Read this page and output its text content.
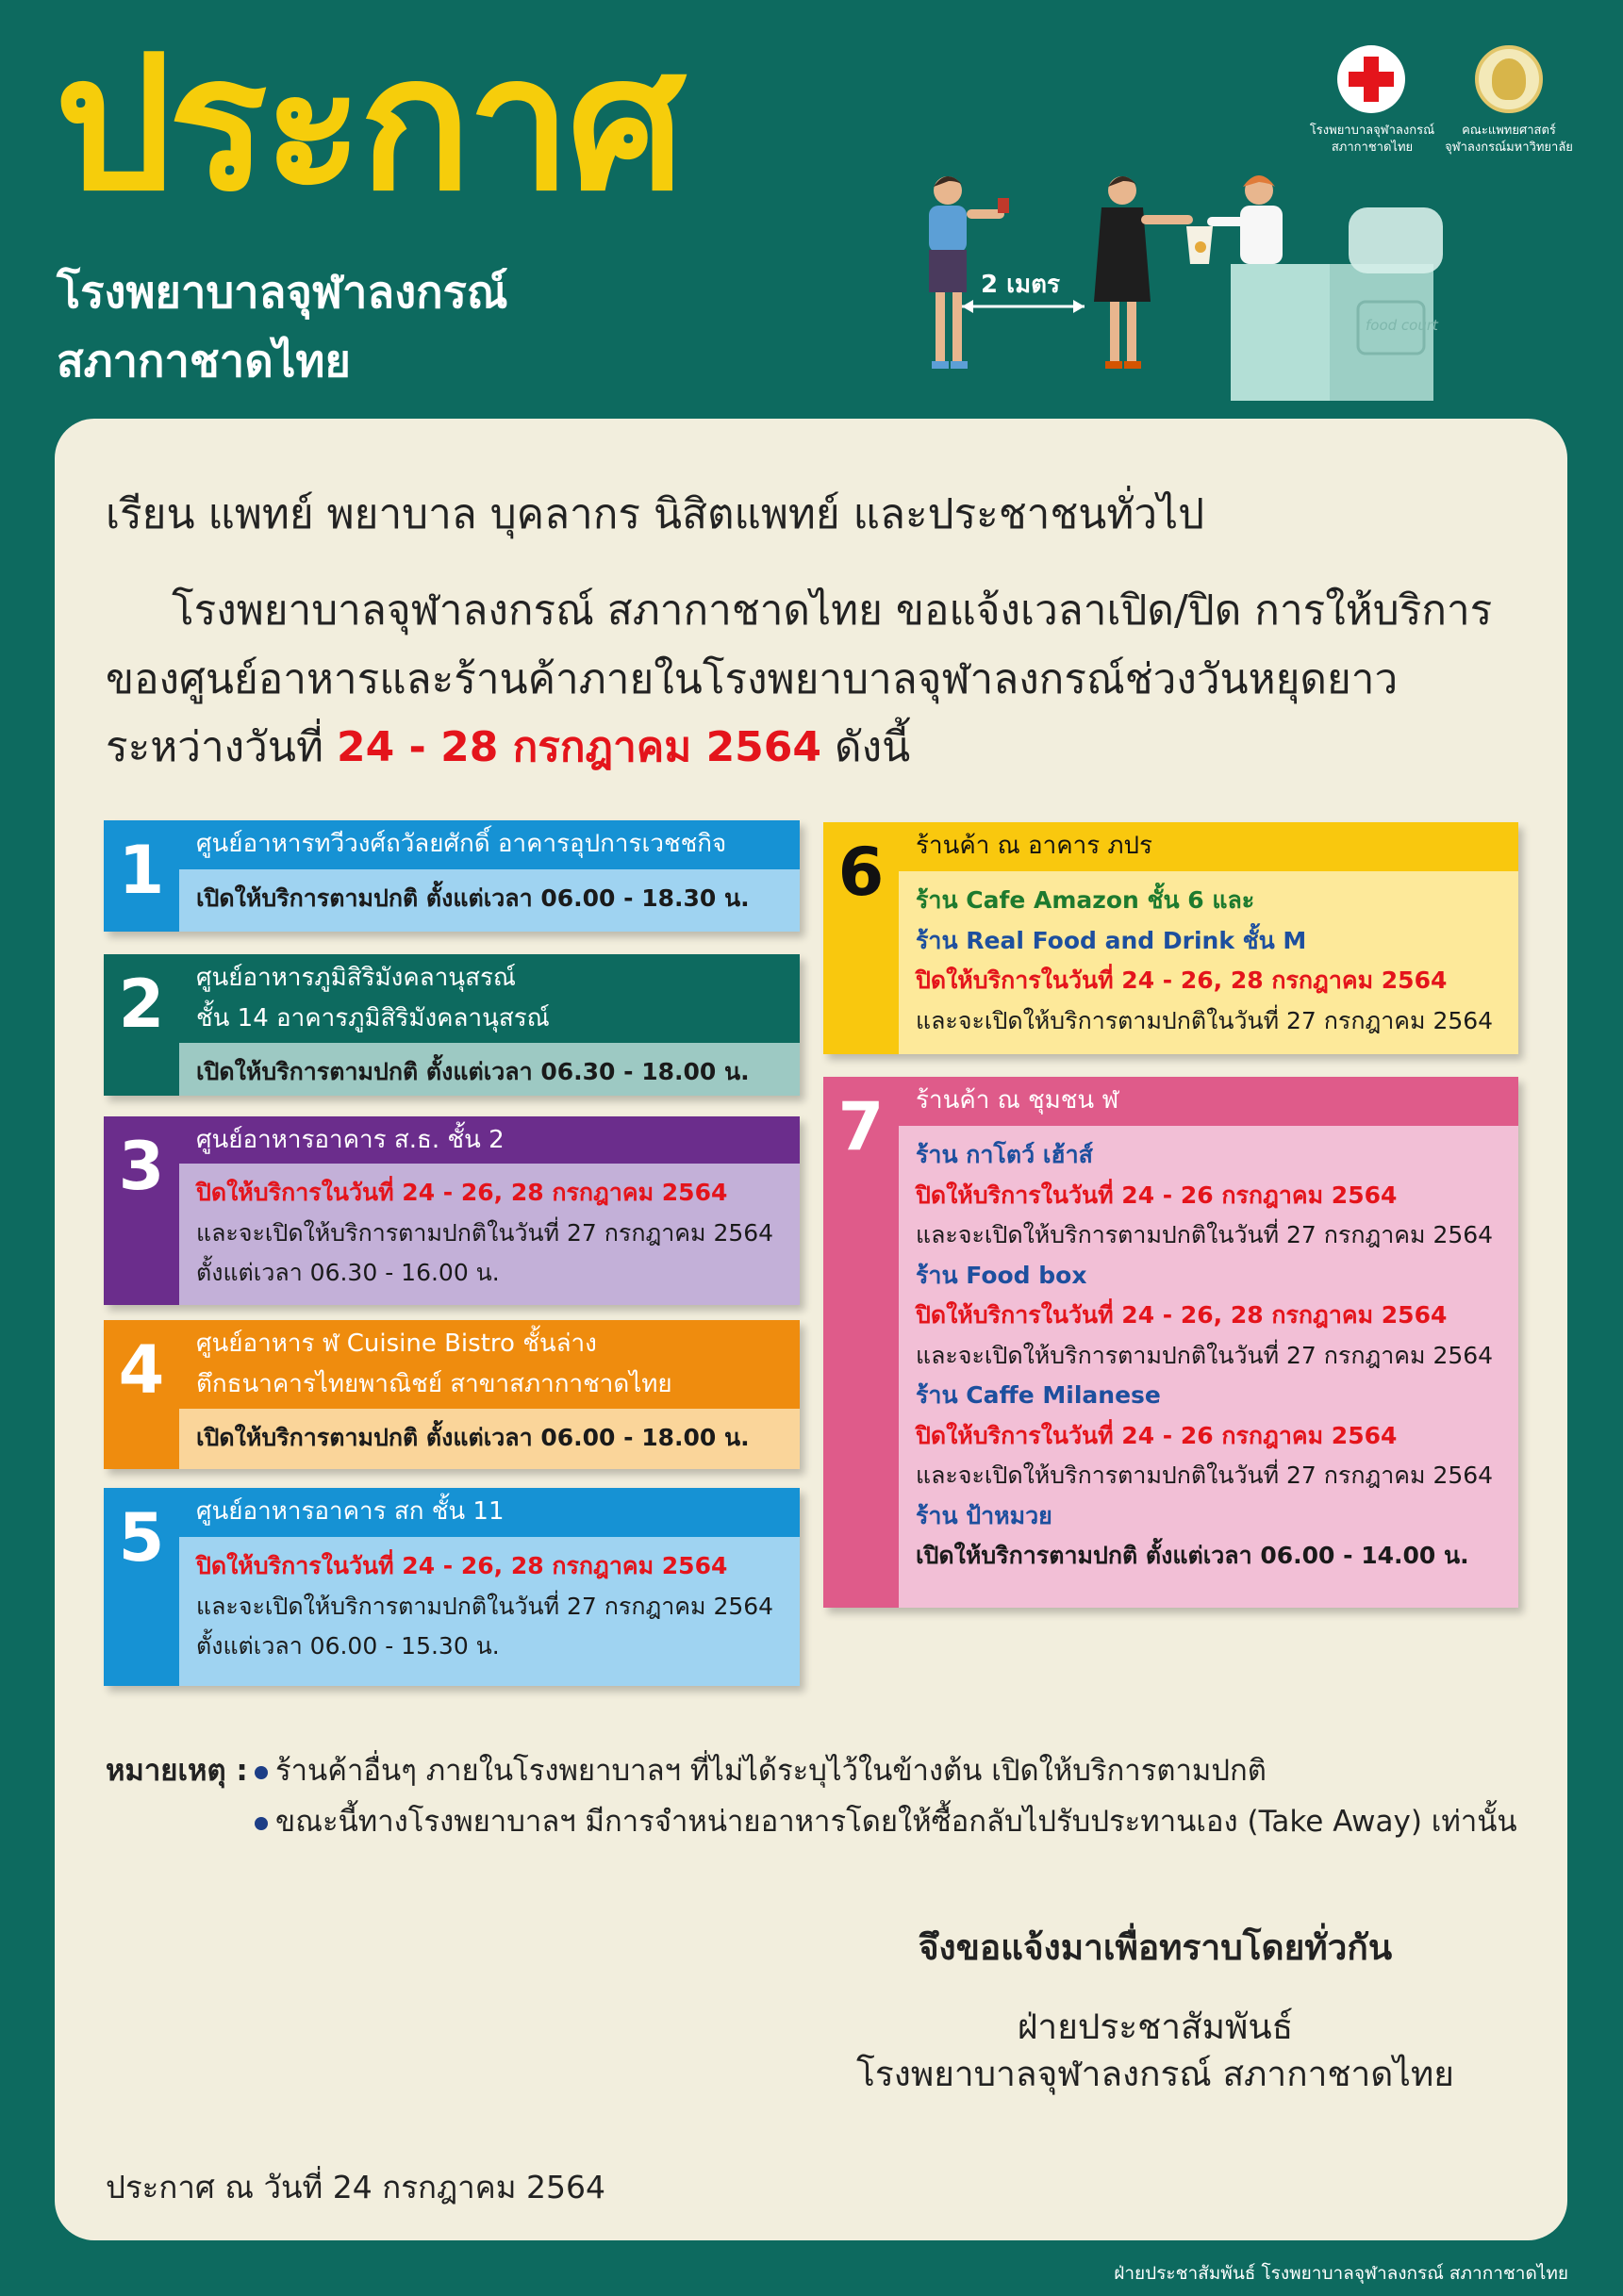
ประกาศ
โรงพยาบาลจุฬาลงกรณ์
สภากาชาดไทย
โรงพยาบาลจุฬาลงกรณ์
สภากาชาดไทย
คณะแพทยศาสตร์
จุฬาลงกรณ์มหาวิทยาลัย
2 เมตร
food court
เรียน แพทย์ พยาบาล บุคลากร นิสิตแพทย์ และประชาชนทั่วไป
โรงพยาบาลจุฬาลงกรณ์ สภากาชาดไทย ขอแจ้งเวลาเปิด/ปิด การให้บริการ
ของศูนย์อาหารและร้านค้าภายในโรงพยาบาลจุฬาลงกรณ์ช่วงวันหยุดยาว
ระหว่างวันที่ 24 - 28 กรกฎาคม 2564 ดังนี้
1	ศูนย์อาหารทวีวงศ์ถวัลยศักดิ์ อาคารอุปการเวชชกิจ
เปิดให้บริการตามปกติ ตั้งแต่เวลา 06.00 - 18.30 น.
2	ศูนย์อาหารภูมิสิริมังคลานุสรณ์
ชั้น 14 อาคารภูมิสิริมังคลานุสรณ์
เปิดให้บริการตามปกติ ตั้งแต่เวลา 06.30 - 18.00 น.
3	ศูนย์อาหารอาคาร ส.ธ. ชั้น 2
ปิดให้บริการในวันที่ 24 - 26, 28 กรกฎาคม 2564
และจะเปิดให้บริการตามปกติในวันที่ 27 กรกฎาคม 2564
ตั้งแต่เวลา 06.30 - 16.00 น.
4	ศูนย์อาหาร ฬ Cuisine Bistro ชั้นล่าง
ตึกธนาคารไทยพาณิชย์ สาขาสภากาชาดไทย
เปิดให้บริการตามปกติ ตั้งแต่เวลา 06.00 - 18.00 น.
5	ศูนย์อาหารอาคาร สก ชั้น 11
ปิดให้บริการในวันที่ 24 - 26, 28 กรกฎาคม 2564
และจะเปิดให้บริการตามปกติในวันที่ 27 กรกฎาคม 2564
ตั้งแต่เวลา 06.00 - 15.30 น.
6	ร้านค้า ณ อาคาร ภปร
ร้าน Cafe Amazon ชั้น 6 และ
ร้าน Real Food and Drink ชั้น M
ปิดให้บริการในวันที่ 24 - 26, 28 กรกฎาคม 2564
และจะเปิดให้บริการตามปกติในวันที่ 27 กรกฎาคม 2564
7	ร้านค้า ณ ชุมชน ฬ
ร้าน กาโตว์ เฮ้าส์
ปิดให้บริการในวันที่ 24 - 26 กรกฎาคม 2564
และจะเปิดให้บริการตามปกติในวันที่ 27 กรกฎาคม 2564
ร้าน Food box
ปิดให้บริการในวันที่ 24 - 26, 28 กรกฎาคม 2564
และจะเปิดให้บริการตามปกติในวันที่ 27 กรกฎาคม 2564
ร้าน Caffe Milanese
ปิดให้บริการในวันที่ 24 - 26 กรกฎาคม 2564
และจะเปิดให้บริการตามปกติในวันที่ 27 กรกฎาคม 2564
ร้าน ป้าหมวย
เปิดให้บริการตามปกติ ตั้งแต่เวลา 06.00 - 14.00 น.
หมายเหตุ : ร้านค้าอื่นๆ ภายในโรงพยาบาลฯ ที่ไม่ได้ระบุไว้ในข้างต้น เปิดให้บริการตามปกติ
ขณะนี้ทางโรงพยาบาลฯ มีการจำหน่ายอาหารโดยให้ซื้อกลับไปรับประทานเอง (Take Away) เท่านั้น
จึงขอแจ้งมาเพื่อทราบโดยทั่วกัน
ฝ่ายประชาสัมพันธ์
โรงพยาบาลจุฬาลงกรณ์ สภากาชาดไทย
ประกาศ ณ วันที่ 24 กรกฎาคม 2564
ฝ่ายประชาสัมพันธ์ โรงพยาบาลจุฬาลงกรณ์ สภากาชาดไทย
